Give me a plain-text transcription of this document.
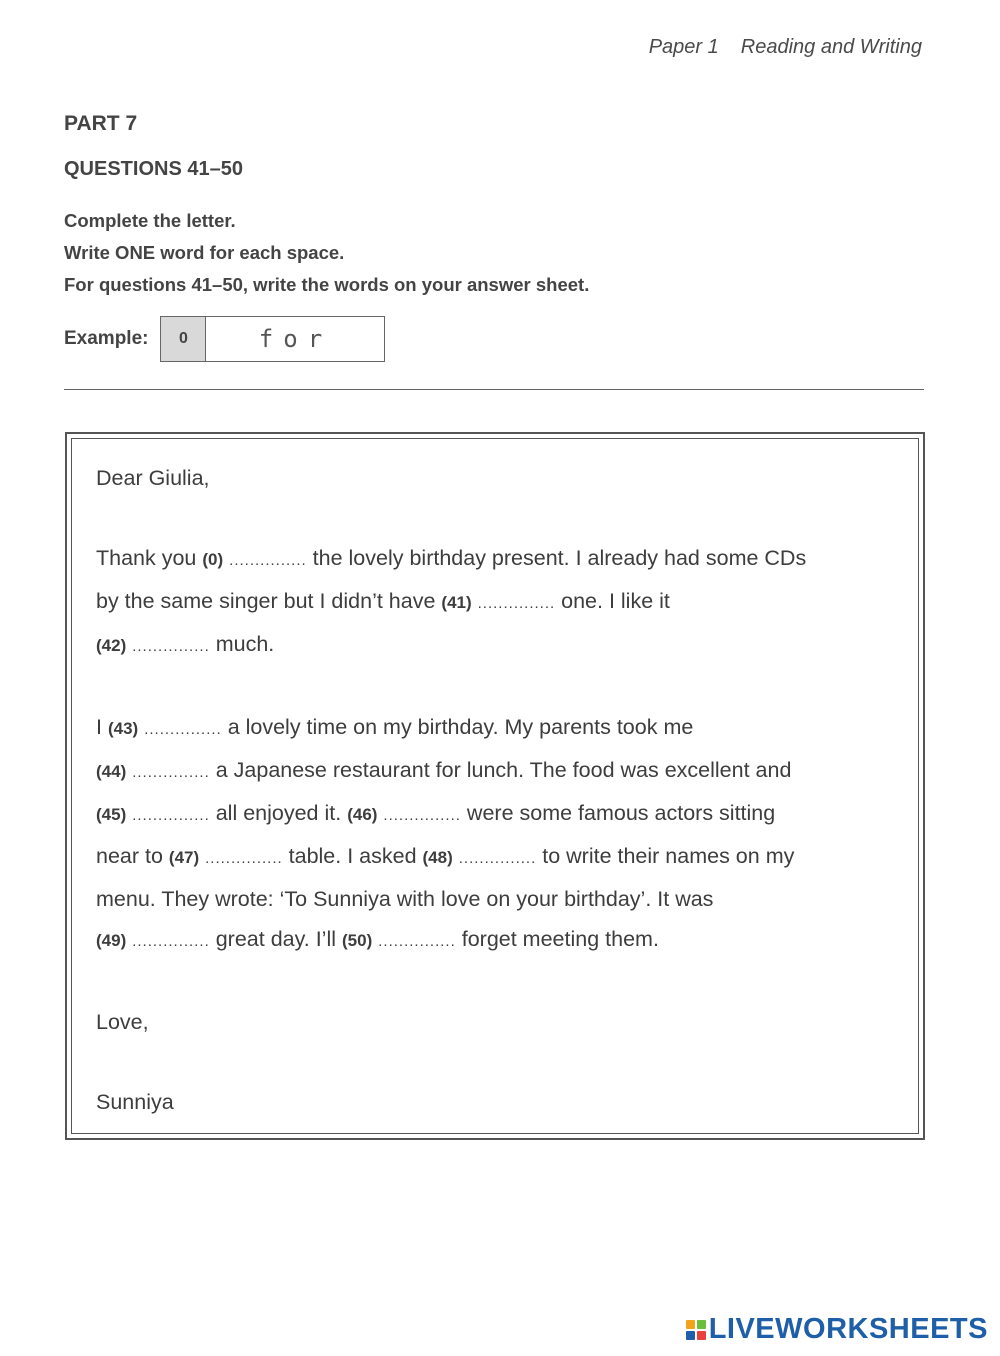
Paper 1 Reading and Writing
PART 7
QUESTIONS 41–50
Complete the letter.
Write ONE word for each space.
For questions 41–50, write the words on your answer sheet.
Example:	0	for

Dear Giulia,

Thank you (0) ............... the lovely birthday present. I already had some CDs
by the same singer but I didn’t have (41) ............... one. I like it
(42) ............... much.

I (43) ............... a lovely time on my birthday. My parents took me
(44) ............... a Japanese restaurant for lunch. The food was excellent and
(45) ............... all enjoyed it. (46) ............... were some famous actors sitting
near to (47) ............... table. I asked (48) ............... to write their names on my
menu. They wrote: ‘To Sunniya with love on your birthday’. It was
(49) ............... great day. I’ll (50) ............... forget meeting them.

Love,

Sunniya

LIVEWORKSHEETS
